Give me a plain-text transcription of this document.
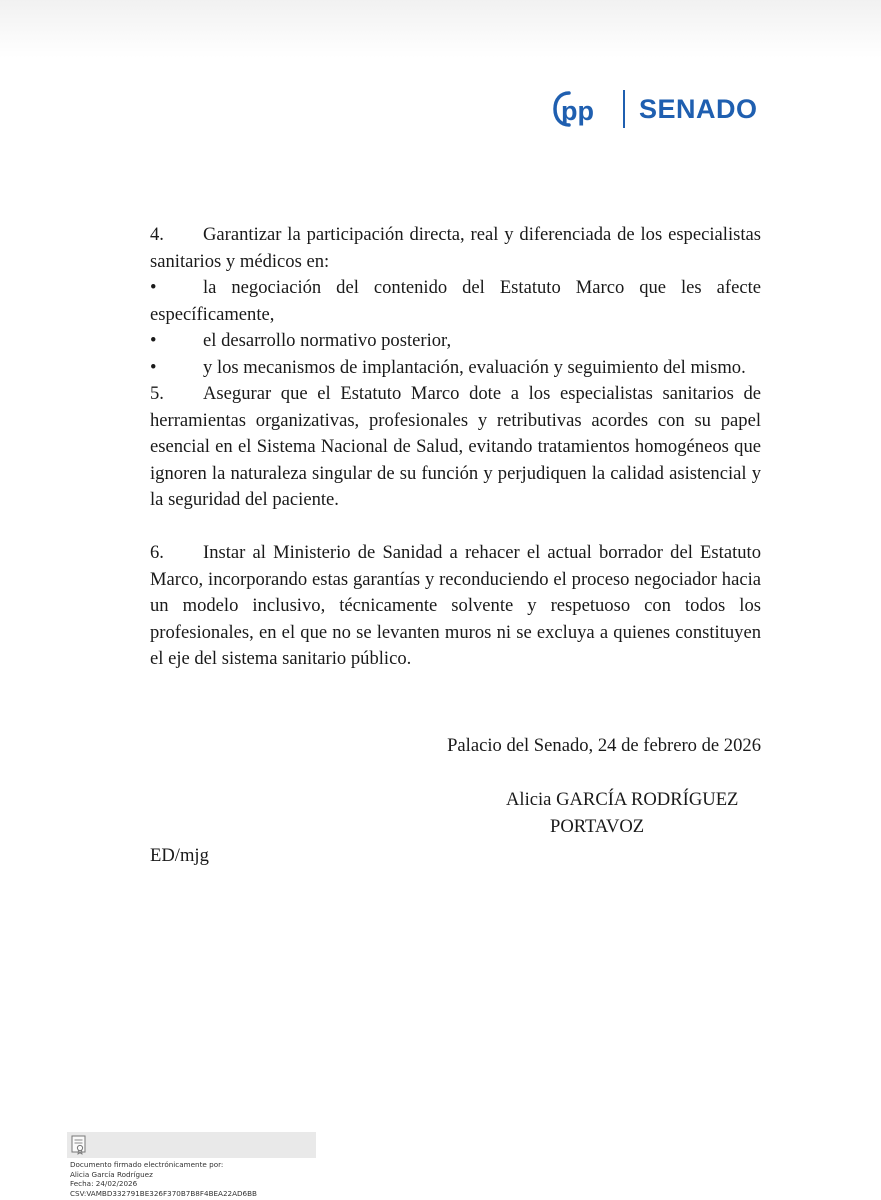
pp SENADO

4. Garantizar la participación directa, real y diferenciada de los especialistas sanitarios y médicos en:

• la negociación del contenido del Estatuto Marco que les afecte específicamente,

•	el desarrollo normativo posterior,

• y los mecanismos de implantación, evaluación y seguimiento del mismo.

5. Asegurar que el Estatuto Marco dote a los especialistas sanitarios de herramientas organizativas, profesionales y retributivas acordes con su papel esencial en el Sistema Nacional de Salud, evitando tratamientos homogéneos que ignoren la naturaleza singular de su función y perjudiquen la calidad asistencial y la seguridad del paciente.

6. Instar al Ministerio de Sanidad a rehacer el actual borrador del Estatuto Marco, incorporando estas garantías y reconduciendo el proceso negociador hacia un modelo inclusivo, técnicamente solvente y respetuoso con todos los profesionales, en el que no se levanten muros ni se excluya a quienes constituyen el eje del sistema sanitario público.

Palacio del Senado, 24 de febrero de 2026
Alicia GARCÍA RODRÍGUEZ
PORTAVOZ
ED/mjg
Documento firmado electrónicamente por:
Alicia García Rodríguez
Fecha: 24/02/2026
CSV:VAMBD332791BE326F370B7B8F4BEA22AD6BB
